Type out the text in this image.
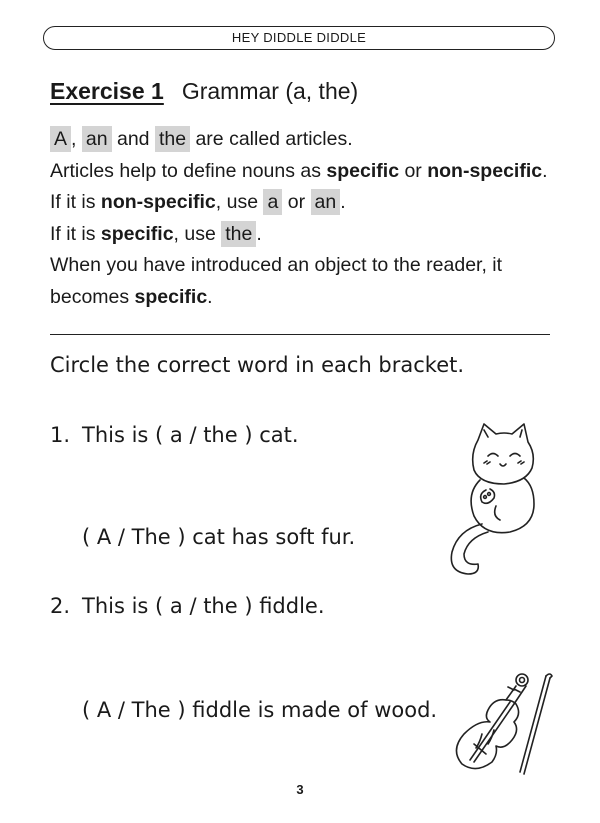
HEY DIDDLE DIDDLE
Exercise 1 Grammar (a, the)
A , an and the are called articles.
Articles help to define nouns as specific or non-specific.
If it is non-specific, use a or an .
If it is specific, use the .
When you have introduced an object to the reader, it
becomes specific.
Circle the correct word in each bracket.
1. This is ( a / the ) cat.
( A / The ) cat has soft fur.
2. This is ( a / the ) fiddle.
( A / The ) fiddle is made of wood.
3
